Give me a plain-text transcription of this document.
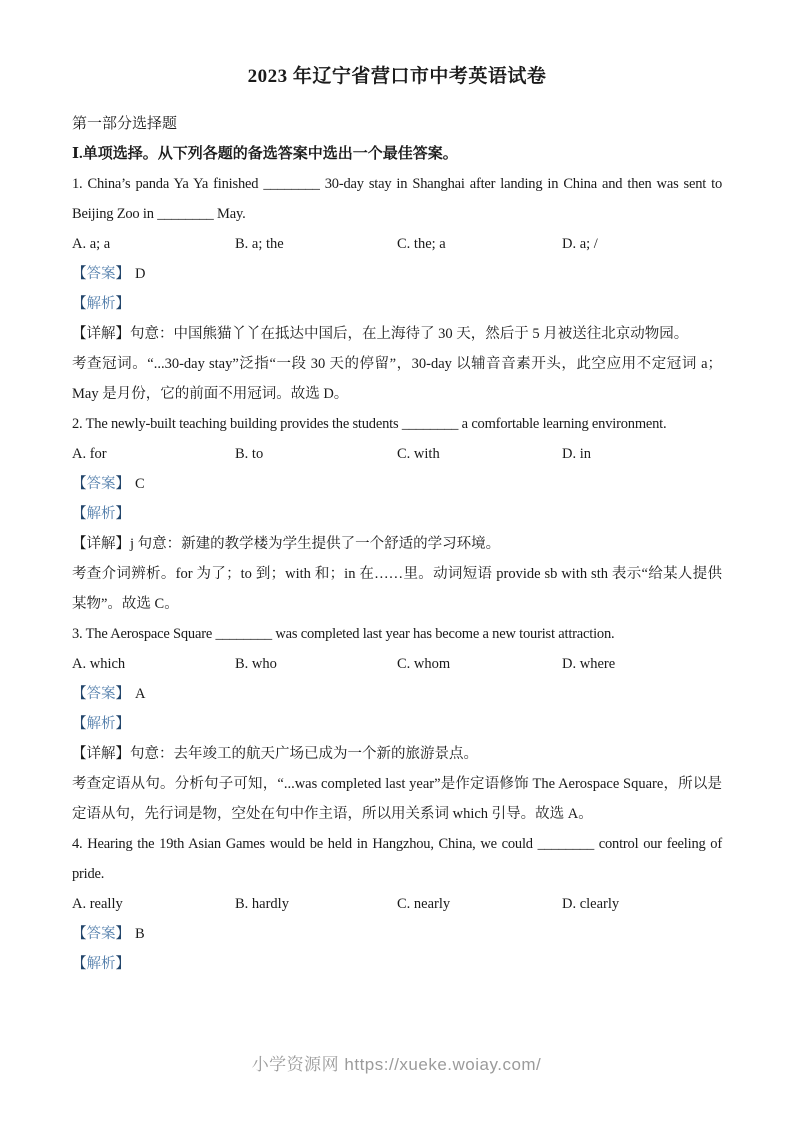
2023 年辽宁省营口市中考英语试卷

第一部分选择题

Ⅰ.单项选择。从下列各题的备选答案中选出一个最佳答案。

1. China’s panda Ya Ya finished ________ 30-day stay in Shanghai after landing in China and then was sent to Beijing Zoo in ________ May.

A. a; a	B. a; the	C. the; a	D. a; /

【答案】 D

【解析】

【详解】句意：中国熊猫丫丫在抵达中国后，在上海待了 30 天，然后于 5 月被送往北京动物园。

考查冠词。“...30-day stay”泛指“一段 30 天的停留”，30-day 以辅音音素开头，此空应用不定冠词 a；May 是月份，它的前面不用冠词。故选 D。

2. The newly-built teaching building provides the students ________ a comfortable learning environment.

A. for	B. to	C. with	D. in

【答案】 C

【解析】

【详解】j 句意：新建的教学楼为学生提供了一个舒适的学习环境。

考查介词辨析。for 为了；to 到；with 和；in 在……里。动词短语 provide sb with sth 表示“给某人提供某物”。故选 C。

3. The Aerospace Square ________ was completed last year has become a new tourist attraction.

A. which	B. who	C. whom	D. where

【答案】 A

【解析】

【详解】句意：去年竣工的航天广场已成为一个新的旅游景点。

考查定语从句。分析句子可知，“...was completed last year”是作定语修饰 The Aerospace Square，所以是定语从句，先行词是物，空处在句中作主语，所以用关系词 which 引导。故选 A。

4. Hearing the 19th Asian Games would be held in Hangzhou, China, we could ________ control our feeling of pride.

A. really	B. hardly	C. nearly	D. clearly

【答案】 B

【解析】

小学资源网 https://xueke.woiay.com/
